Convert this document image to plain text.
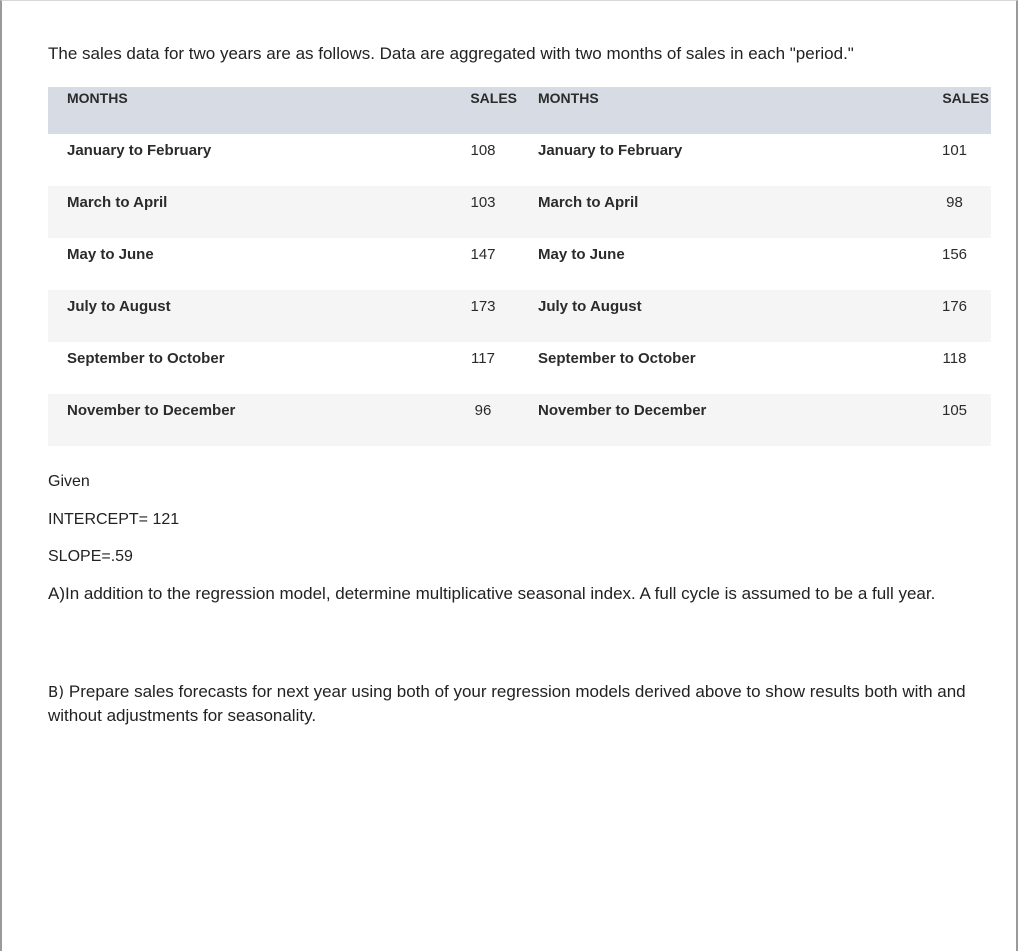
The sales data for two years are as follows. Data are aggregated with two months of sales in each "period."
MONTHS	SALES	MONTHS	SALES
January to February	108	January to February	101
March to April	103	March to April	98
May to June	147	May to June	156
July to August	173	July to August	176
September to October	117	September to October	118
November to December	96	November to December	105
Given
INTERCEPT= 121
SLOPE=.59
A)In addition to the regression model, determine multiplicative seasonal index. A full cycle is assumed to be a full year.
B) Prepare sales forecasts for next year using both of your regression models derived above to show results both with and without adjustments for seasonality.
